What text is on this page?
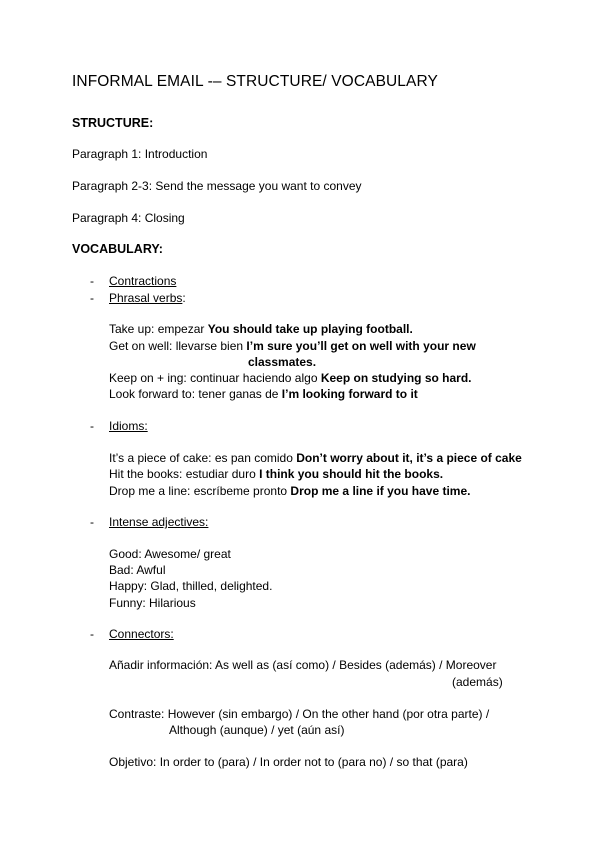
INFORMAL EMAIL -– STRUCTURE/ VOCABULARY
STRUCTURE:
Paragraph 1: Introduction
Paragraph 2-3: Send the message you want to convey
Paragraph 4: Closing
VOCABULARY:
- Contractions
- Phrasal verbs:
Take up: empezar You should take up playing football.
Get on well: llevarse bien I’m sure you’ll get on well with your new
classmates.
Keep on + ing: continuar haciendo algo Keep on studying so hard.
Look forward to: tener ganas de I’m looking forward to it
- Idioms:
It’s a piece of cake: es pan comido Don’t worry about it, it’s a piece of cake
Hit the books: estudiar duro I think you should hit the books.
Drop me a line: escríbeme pronto Drop me a line if you have time.
- Intense adjectives:
Good: Awesome/ great
Bad: Awful
Happy: Glad, thilled, delighted.
Funny: Hilarious
- Connectors:
Añadir información: As well as (así como) / Besides (además) / Moreover
(además)
Contraste: However (sin embargo) / On the other hand (por otra parte) /
Although (aunque) / yet (aún así)
Objetivo: In order to (para) / In order not to (para no) / so that (para)
